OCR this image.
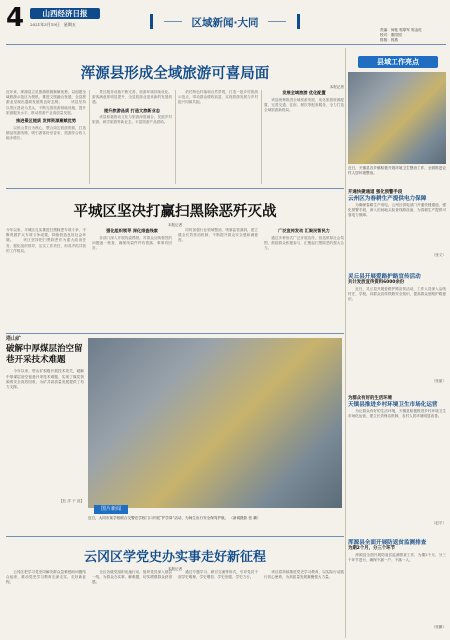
4	山西经济日报
2021年3月19日　星期五	区域新闻·大同
责编：何帐 郭厚军 郭金旺
校对：康园园
排版：郭燕
浑源县形成全域旅游可喜局面
本报记者
近年来，浑源县立足旅游资源禀赋优势，以创建全域旅游示范区为契机，推进文旅融合发展，全县旅游业呈现出蓬勃发展的良好态势。 　　该县坚持以景区建设为龙头，不断完善旅游基础设施，提升旅游服务水平，推动旅游产业高质量发展。
推进景区提质 发挥资源禀赋优势
　　以恒山景区为核心，整合周边旅游资源，打造精品旅游线路，吸引游客纷至沓来，旅游综合收入稳步增长。
　　景区服务设施不断完善，旅游环境持续优化，游客满意度明显提升，全县旅游业迎来新的发展机遇。
提升旅游品质 打造文旅新业态
　　该县积极推动文化与旅游深度融合，发展乡村旅游、研学旅游等新业态，丰富旅游产品供给。
　　依托特色村落和自然景观，打造一批乡村旅游示范点，带动群众增收致富，实现旅游发展与乡村振兴同频共振。
发展全域旅游 优化配置
　　该县统筹推进全域旅游发展，优化旅游资源配置，完善交通、住宿、餐饮等配套服务，全力打造全域旅游新格局。
县域工作亮点
近日，天镇县各乡镇积极开展环境卫生整治工作，全面推进农村人居环境整治。
开通快捷通道 强化预警手段
云州区为春耕生产提供电力保障
　　为确保春耕生产用电，云州区供电部门开通快捷通道，强化预警手段，深入田间地头检查线路设备，为春耕生产提供可靠电力保障。
（张义）
灵丘县开展爱路护路宣传活动
共计发放宣传资料6000余份
　　近日，灵丘县开展爱路护路宣传活动，工作人员深入沿线村庄、学校，向群众宣传铁路安全知识，提高群众爱路护路意识。
（张丽）
为群众有好的生活环境
天镇县推进乡村环境卫生市场化运营
　　为让群众有好的生活环境，天镇县积极推进乡村环境卫生市场化运营，建立长效保洁机制，农村人居环境明显改善。
（赵平）
浑源县全面开展防返贫监测排查
为期2个月，分三个环节
　　浑源县全面开展防返贫监测排查工作，为期2个月，分三个环节进行，确保不漏一户、不落一人。
（张鹏）
平城区坚决打赢扫黑除恶歼灭战
本报记者
今年以来，平城区扎实推进扫黑除恶专项斗争，不断巩固扩大专项斗争成果，持续营造良好社会环境。 　　该区坚持把扫黑除恶作为重大政治任务，强化组织领导，压实工作责任，形成齐抓共管的工作格局。
强化组织领导 深化排查线索
　　各部门深入开展线索摸排，对群众反映强烈的问题逐一核查，确保线索件件有着落、事事有回音。
　　同时加强行业领域整治，堵塞监管漏洞，建立健全长效常治机制，不断提升群众安全感和满意度。
广泛宣传发动 汇聚民智民力
　　通过多种形式广泛开展宣传，营造浓厚社会氛围，鼓励群众积极参与，汇聚起扫黑除恶的强大合力。
塔山矿
破解中厚煤层治空留巷开采技术难题
　　今年以来，塔山矿积极开展技术攻关，破解中厚煤层治空留巷开采技术难题，实现了煤炭资源的安全高效回收，为矿井高质量发展提供了有力支撑。
【杜 洋 于 蕊】
图片新闻
近日，大同市某学校联合交警在学校门口开展“护学岗”活动，为师生出行安全保驾护航。 （新闻摄影 张 鹏）
云冈区学党史办实事走好新征程
本报记者
　　云冈区把学习党史同解决群众急难愁盼问题结合起来，推动党史学习教育走深走实，走好新征程。
　　全区各级党组织迅速行动，组织党员深入基层一线，为群众办实事、解难题，切实增强群众获得感。
　　通过专题学习、研讨交流等形式，引导党员干部学史明理、学史增信、学史崇德、学史力行。
　　该区将持续推进党史学习教育，以实际行动践行初心使命，为高质量发展凝聚强大力量。
